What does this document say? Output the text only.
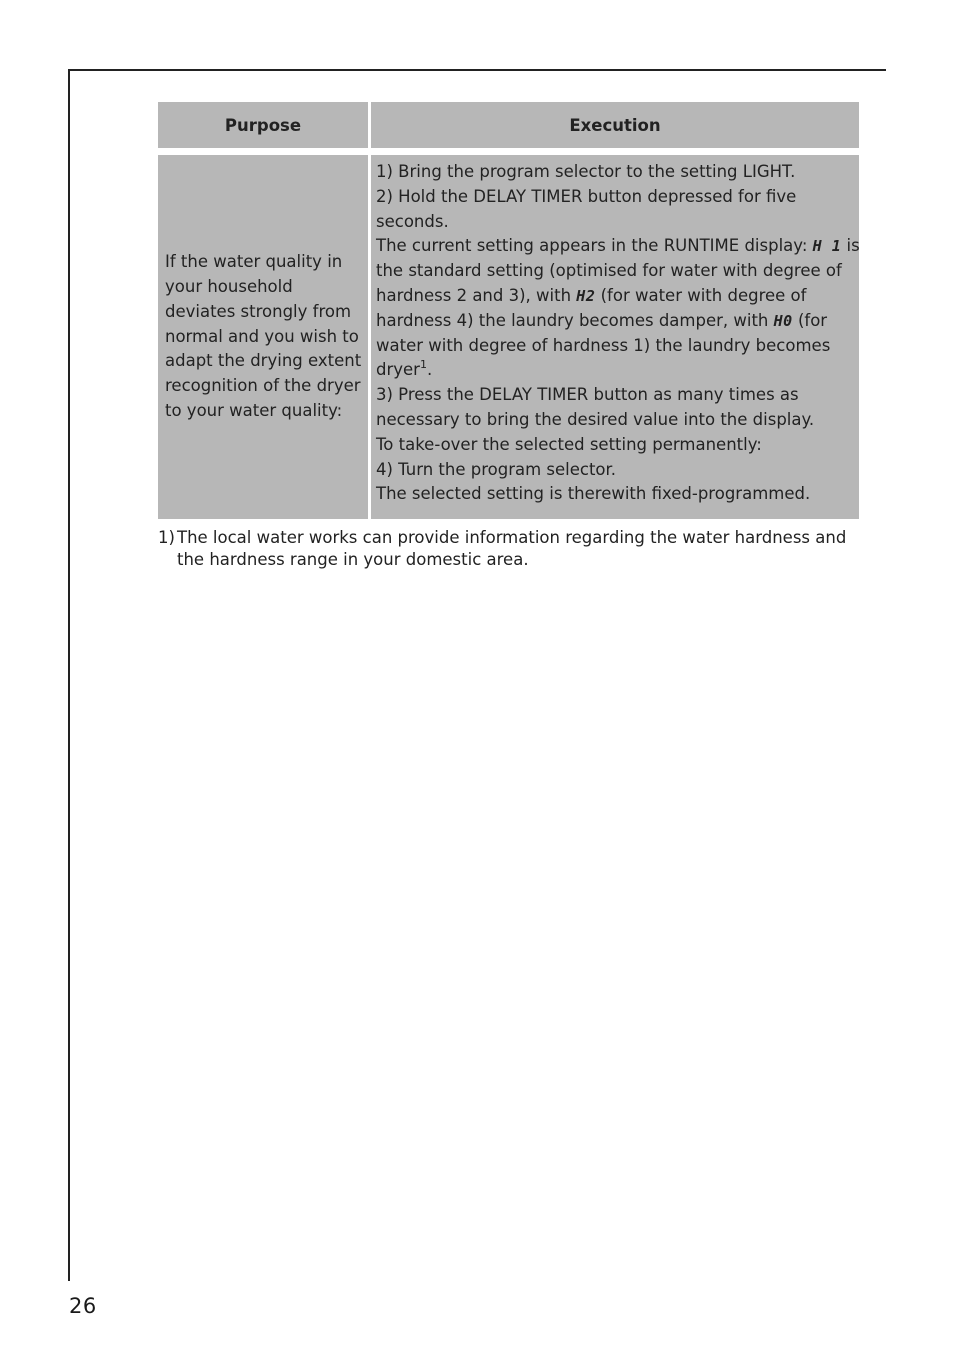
Purpose	Execution
If the water quality in your household deviates strongly from normal and you wish to adapt the drying extent recognition of the dryer to your water quality:
1) Bring the program selector to the setting LIGHT.
2) Hold the DELAY TIMER button depressed for five
seconds.
The current setting appears in the RUNTIME display: H 1 is
the standard setting (optimised for water with degree of
hardness 2 and 3), with H2 (for water with degree of
hardness 4) the laundry becomes damper, with H0 (for
water with degree of hardness 1) the laundry becomes
dryer$^1$.
3) Press the DELAY TIMER button as many times as
necessary to bring the desired value into the display.
To take-over the selected setting permanently:
4) Turn the program selector.
The selected setting is therewith fixed-programmed.
1) The local water works can provide information regarding the water hardness and the hardness range in your domestic area.
26
